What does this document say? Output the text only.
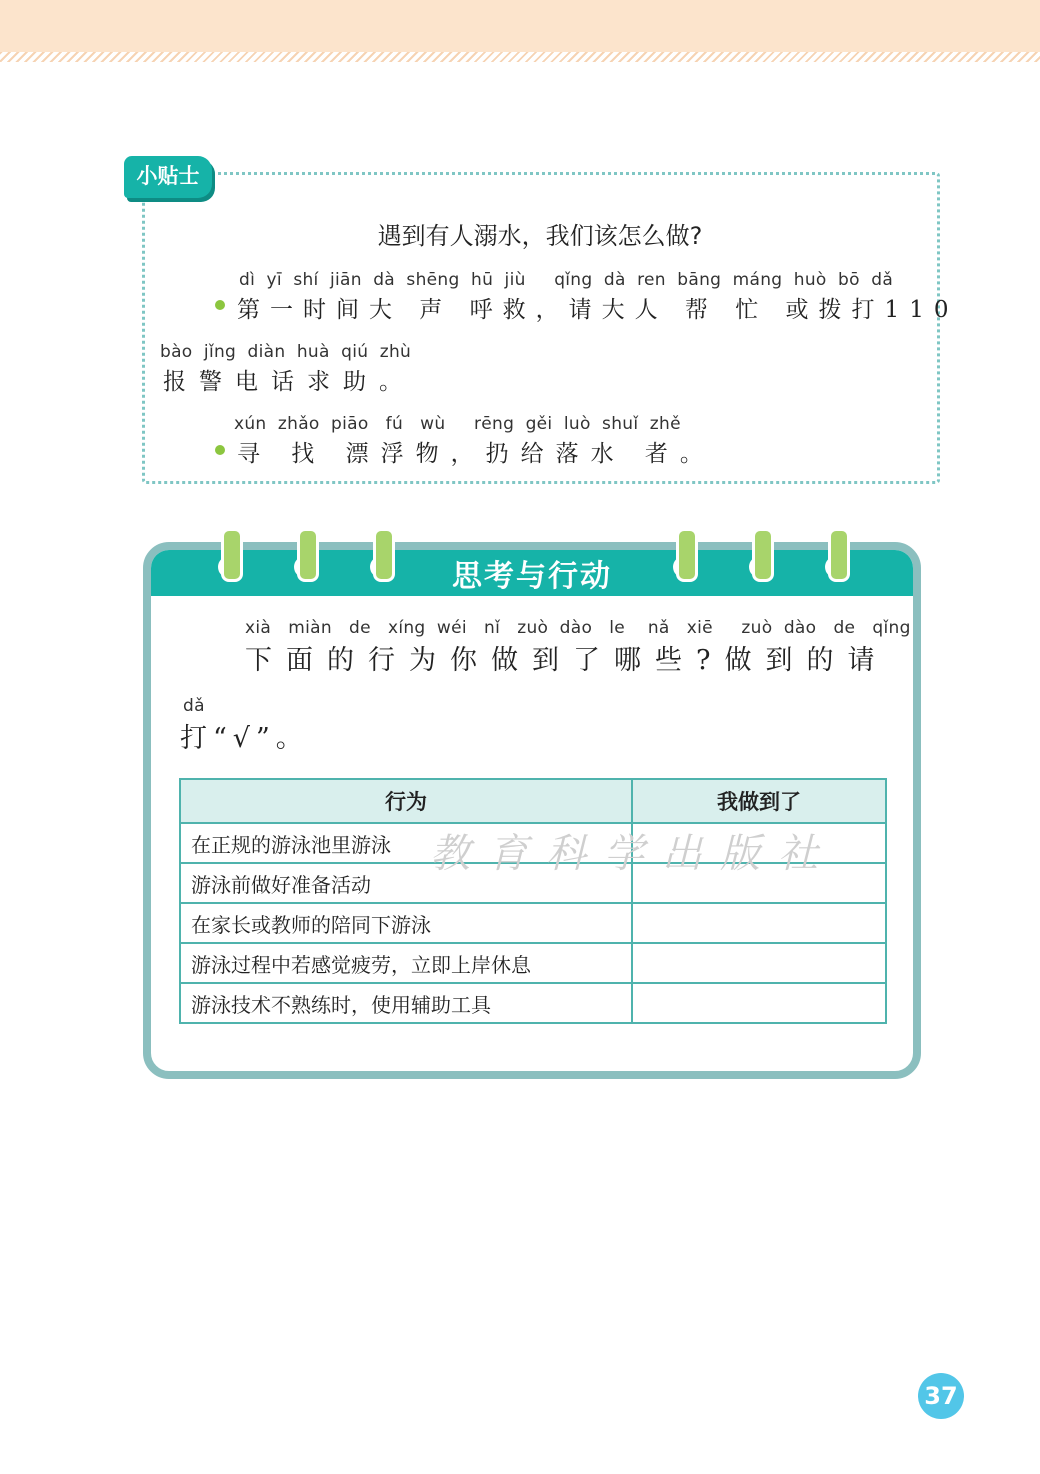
小贴士
遇到有人溺水，我们该怎么做?
dì  yī  shí  jiān  dà  shēng  hū  jiù     qǐng  dà  ren  bāng  máng  huò  bō  dǎ
第一时间大 声 呼救，请大人 帮 忙 或拨打110
bào  jǐng  diàn  huà  qiú  zhù
报警电话求助。
xún  zhǎo  piāo   fú   wù     rēng  gěi  luò  shuǐ  zhě
寻 找 漂浮物，扔给落水 者。
思考与行动
xià   miàn   de   xíng  wéi   nǐ   zuò  dào   le    nǎ   xiē     zuò  dào   de   qǐng
下面的行为你做到了哪些?做到的请
dǎ
打“√”。
行为	我做到了
在正规的游泳池里游泳	
游泳前做好准备活动	
在家长或教师的陪同下游泳	
游泳过程中若感觉疲劳，立即上岸休息	
游泳技术不熟练时，使用辅助工具	
教育科学出版社
37
